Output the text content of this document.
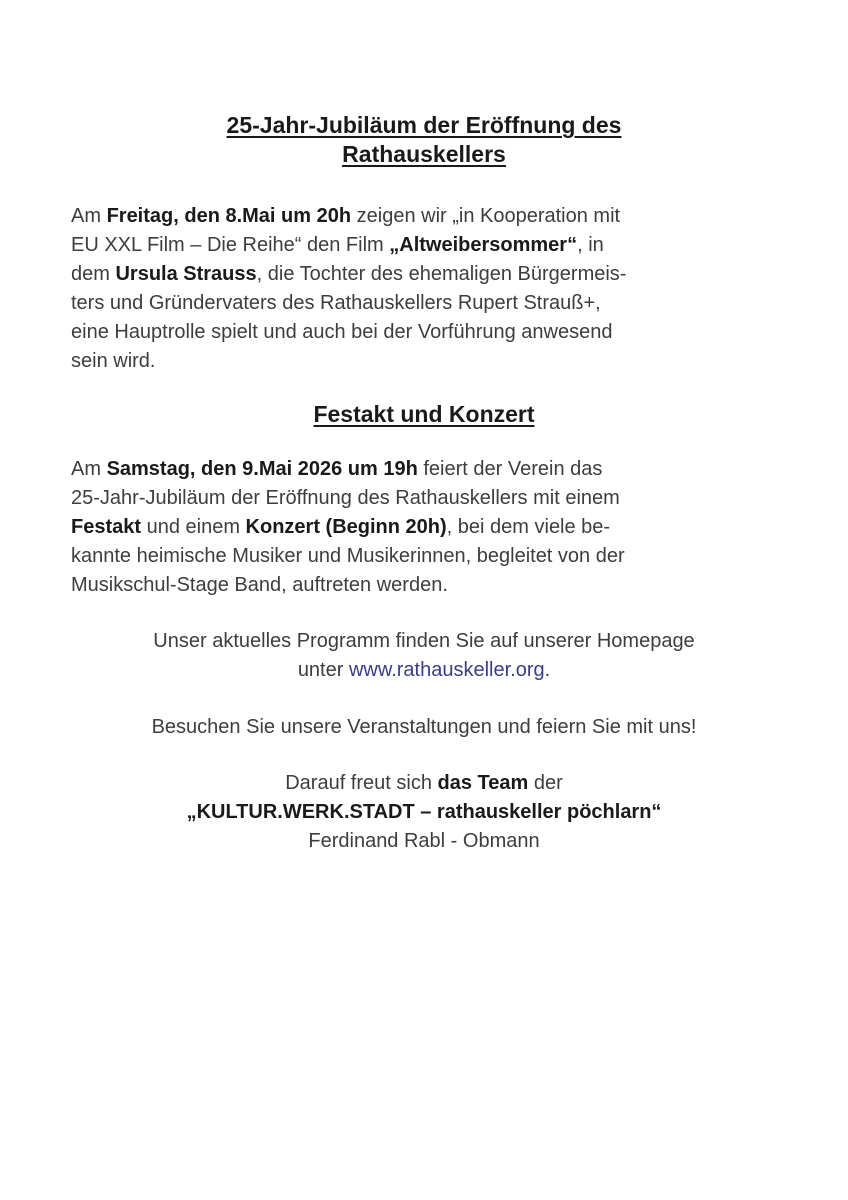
25-Jahr-Jubiläum der Eröffnung des
Rathauskellers
Am Freitag, den 8.Mai um 20h zeigen wir „in Kooperation mit
EU XXL Film – Die Reihe“ den Film „Altweibersommer“, in
dem Ursula Strauss, die Tochter des ehemaligen Bürgermeis-
ters und Gründervaters des Rathauskellers Rupert Strauß+,
eine Hauptrolle spielt und auch bei der Vorführung anwesend
sein wird.
Festakt und Konzert
Am Samstag, den 9.Mai 2026 um 19h feiert der Verein das
25-Jahr-Jubiläum der Eröffnung des Rathauskellers mit einem
Festakt und einem Konzert (Beginn 20h), bei dem viele be-
kannte heimische Musiker und Musikerinnen, begleitet von der
Musikschul-Stage Band, auftreten werden.
Unser aktuelles Programm finden Sie auf unserer Homepage
unter www.rathauskeller.org.
Besuchen Sie unsere Veranstaltungen und feiern Sie mit uns!
Darauf freut sich das Team der
„KULTUR.WERK.STADT – rathauskeller pöchlarn“
Ferdinand Rabl - Obmann
